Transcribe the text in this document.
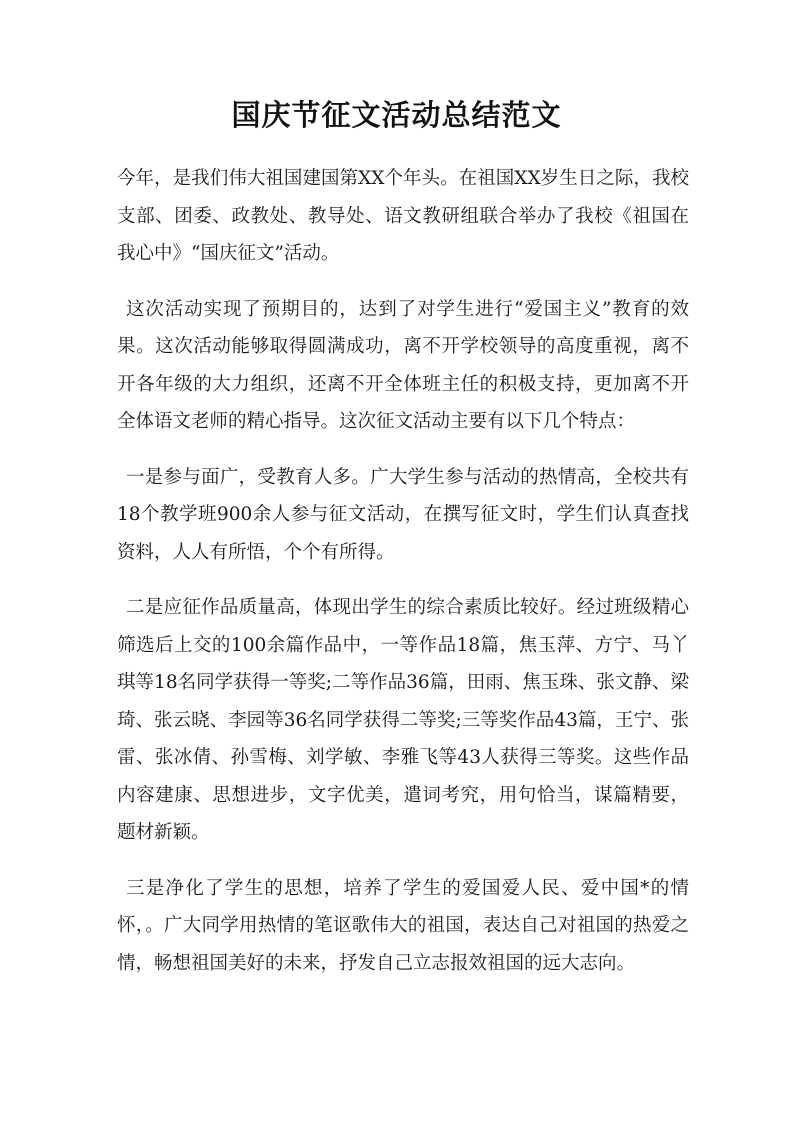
国庆节征文活动总结范文

今年，是我们伟大祖国建国第XX个年头。在祖国XX岁生日之际，我校支部、团委、政教处、教导处、语文教研组联合举办了我校《祖国在我心中》“国庆征文”活动。

这次活动实现了预期目的，达到了对学生进行“爱国主义”教育的效果。这次活动能够取得圆满成功，离不开学校领导的高度重视，离不开各年级的大力组织，还离不开全体班主任的积极支持，更加离不开全体语文老师的精心指导。这次征文活动主要有以下几个特点：

一是参与面广，受教育人多。广大学生参与活动的热情高，全校共有18个教学班900余人参与征文活动，在撰写征文时，学生们认真查找资料，人人有所悟，个个有所得。

二是应征作品质量高，体现出学生的综合素质比较好。经过班级精心筛选后上交的100余篇作品中，一等作品18篇，焦玉萍、方宁、马丫琪等18名同学获得一等奖;二等作品36篇，田雨、焦玉珠、张文静、梁琦、张云晓、李园等36名同学获得二等奖;三等奖作品43篇，王宁、张雷、张冰倩、孙雪梅、刘学敏、李雅飞等43人获得三等奖。这些作品内容建康、思想进步，文字优美，遣词考究，用句恰当，谋篇精要，题材新颖。

三是净化了学生的思想，培养了学生的爱国爱人民、爱中国*的情怀，。广大同学用热情的笔讴歌伟大的祖国，表达自己对祖国的热爱之情，畅想祖国美好的未来，抒发自己立志报效祖国的远大志向。
